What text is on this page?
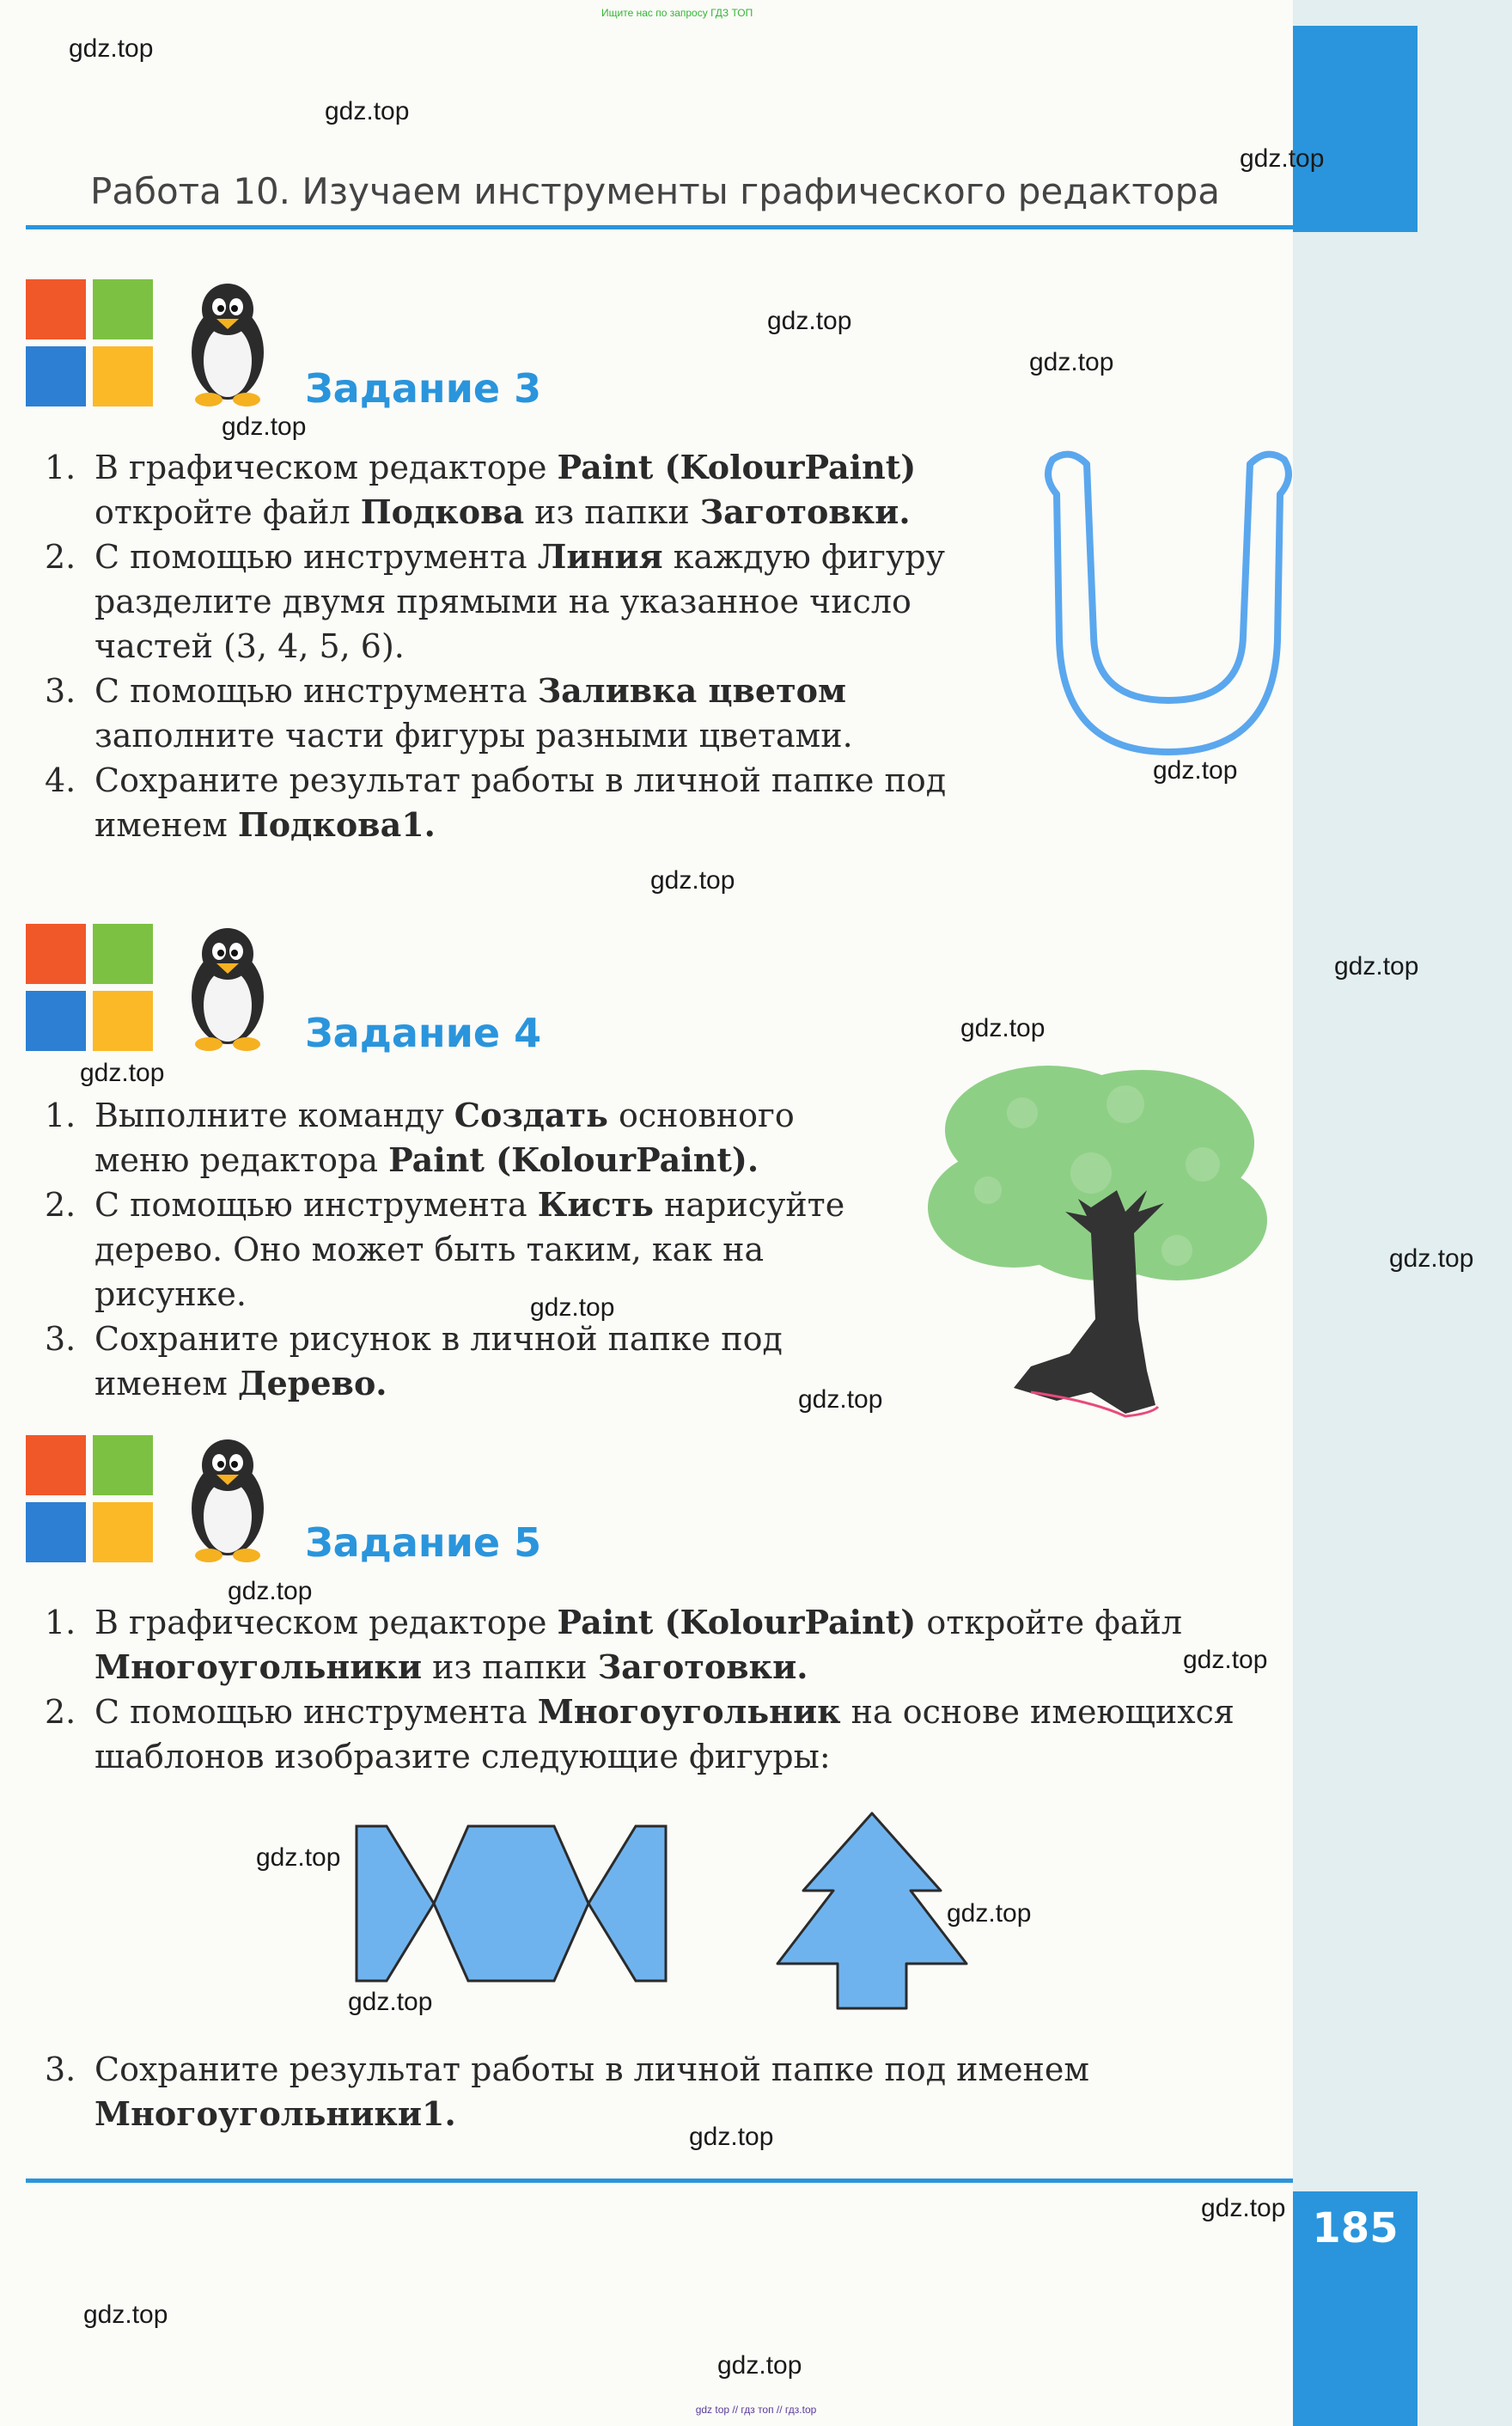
185
Ищите нас по запросу ГДЗ ТОП
gdz top // гдз топ // гдз.top
Работа 10. Изучаем инструменты графического редактора
Задание 3

1. В графическом редакторе Paint (KolourPaint) откройте файл Подкова из папки Заготовки.

2. С помощью инструмента Линия каждую фигуру разделите двумя прямыми на указанное число частей (3, 4, 5, 6).

3. С помощью инструмента Заливка цветом заполните части фигуры разными цветами.

4. Сохраните результат работы в личной папке под именем Подкова1.

Задание 4

1. Выполните команду Создать основного меню редактора Paint (KolourPaint).

2. С помощью инструмента Кисть нарисуйте дерево. Оно может быть таким, как на рисунке.

3. Сохраните рисунок в личной папке под именем Дерево.

Задание 5

1. В графическом редакторе Paint (KolourPaint) откройте файл Многоугольники из папки Заготовки.

2. С помощью инструмента Многоугольник на основе имеющихся шаблонов изобразите следующие фигуры:

3. Сохраните результат работы в личной папке под именем Многоугольники1.

gdz.top
gdz.top
gdz.top
gdz.top
gdz.top
gdz.top
gdz.top
gdz.top
gdz.top
gdz.top
gdz.top
gdz.top
gdz.top
gdz.top
gdz.top
gdz.top
gdz.top
gdz.top
gdz.top
gdz.top
gdz.top
gdz.top
gdz.top
